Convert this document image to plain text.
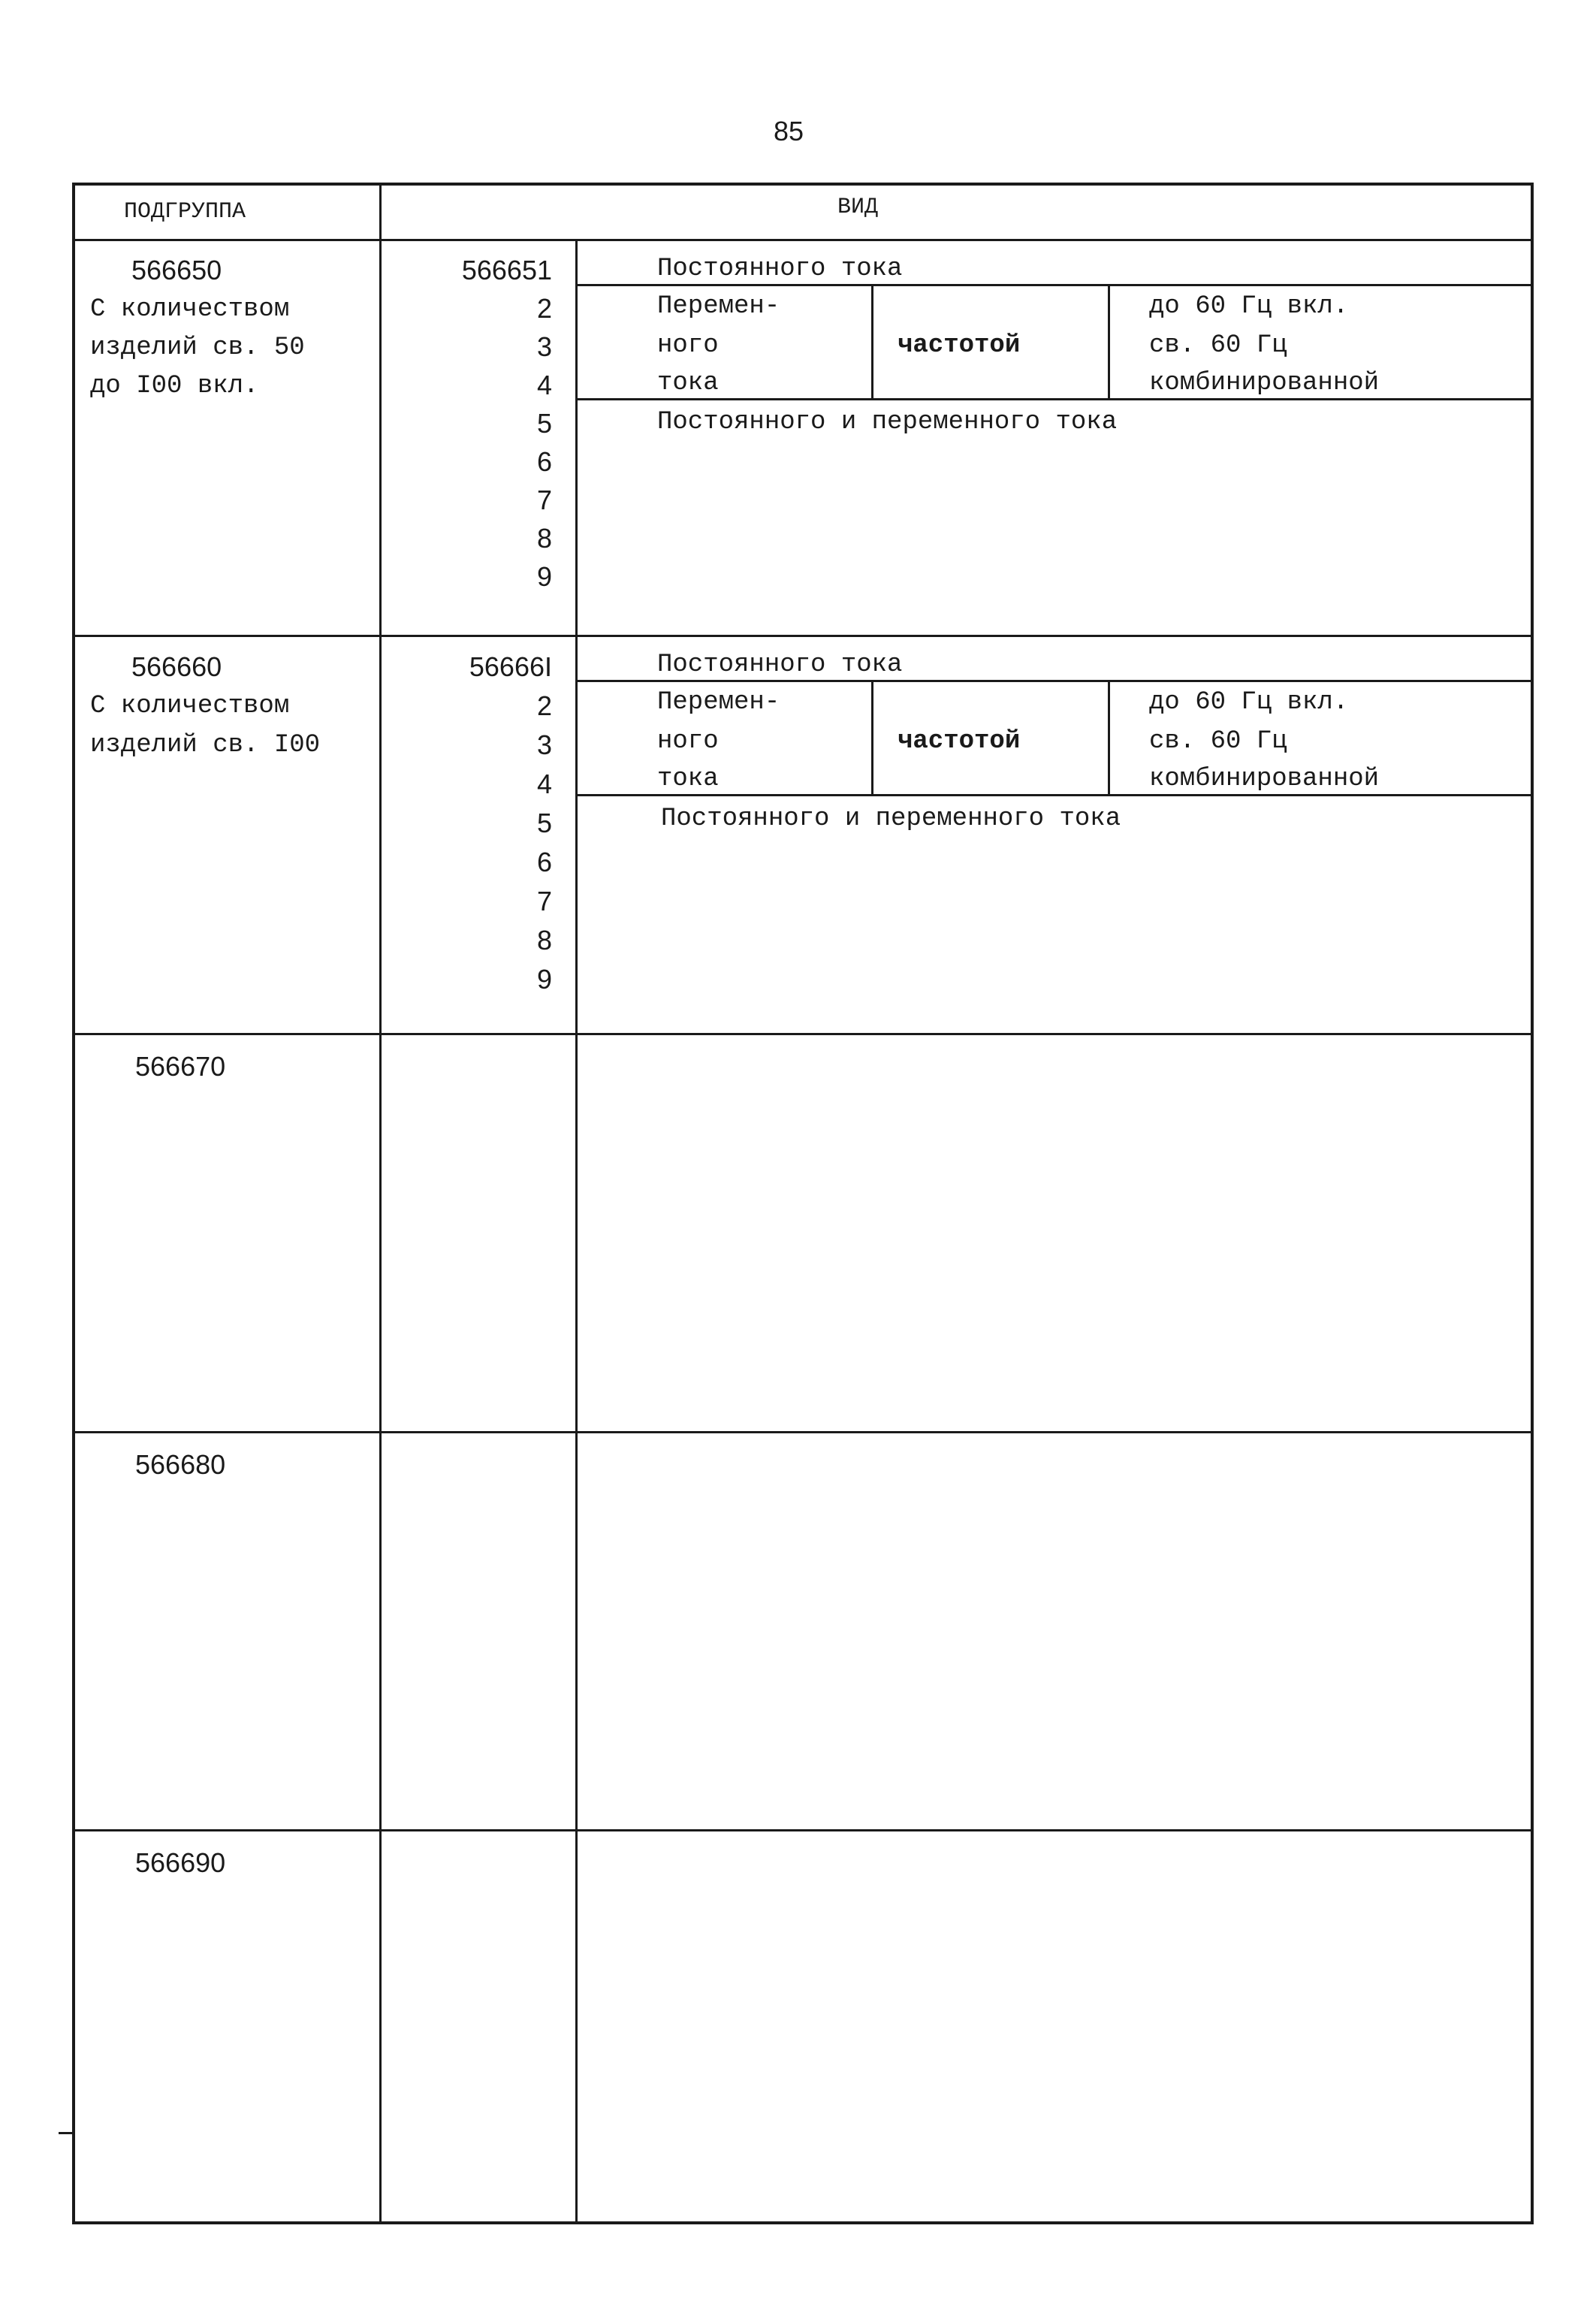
85
ПОДГРУППА	ВИД
566650
С количеством
изделий св. 50
до I00 вкл.
566651
2
3
4
5
6
7
8
9
Постоянного тока
Перемен-
ного
тока
частотой
до 60 Гц вкл.
св. 60 Гц
комбинированной
Постоянного и переменного тока
566660
С количеством
изделий св. I00
56666I
2
3
4
5
6
7
8
9
Постоянного тока
Перемен-
ного
тока
частотой
до 60 Гц вкл.
св. 60 Гц
комбинированной
Постоянного и переменного тока
566670
566680
566690
